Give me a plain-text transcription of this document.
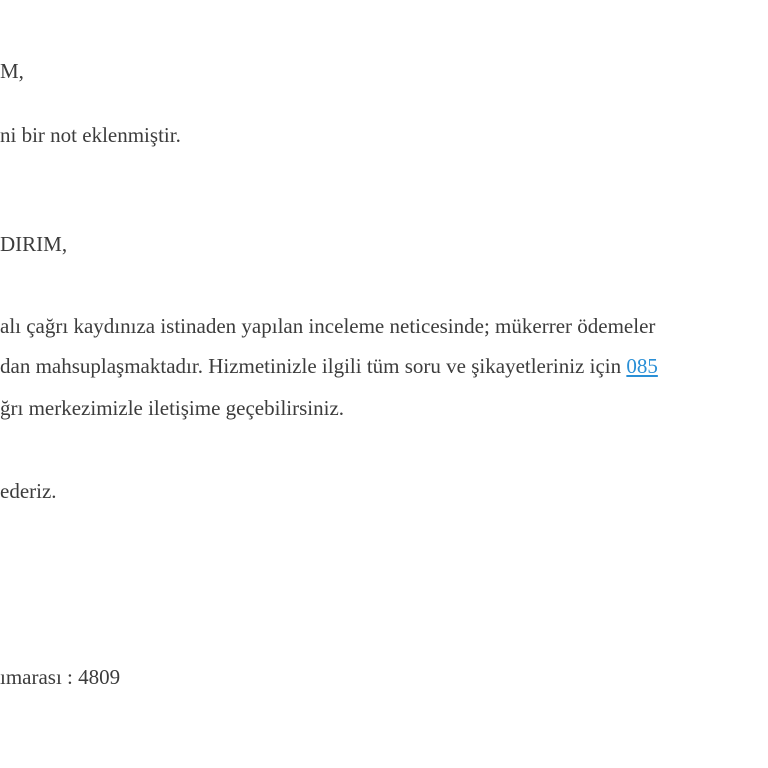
M,

ni bir not eklenmiştir.

DIRIM,

alı çağrı kaydınıza istinaden yapılan inceleme neticesinde; mükerrer ödemeler

dan mahsuplaşmaktadır. Hizmetinizle ilgili tüm soru ve şikayetleriniz için 085

ğrı merkezimizle iletişime geçebilirsiniz.

ederiz.

ımarası : 4809
